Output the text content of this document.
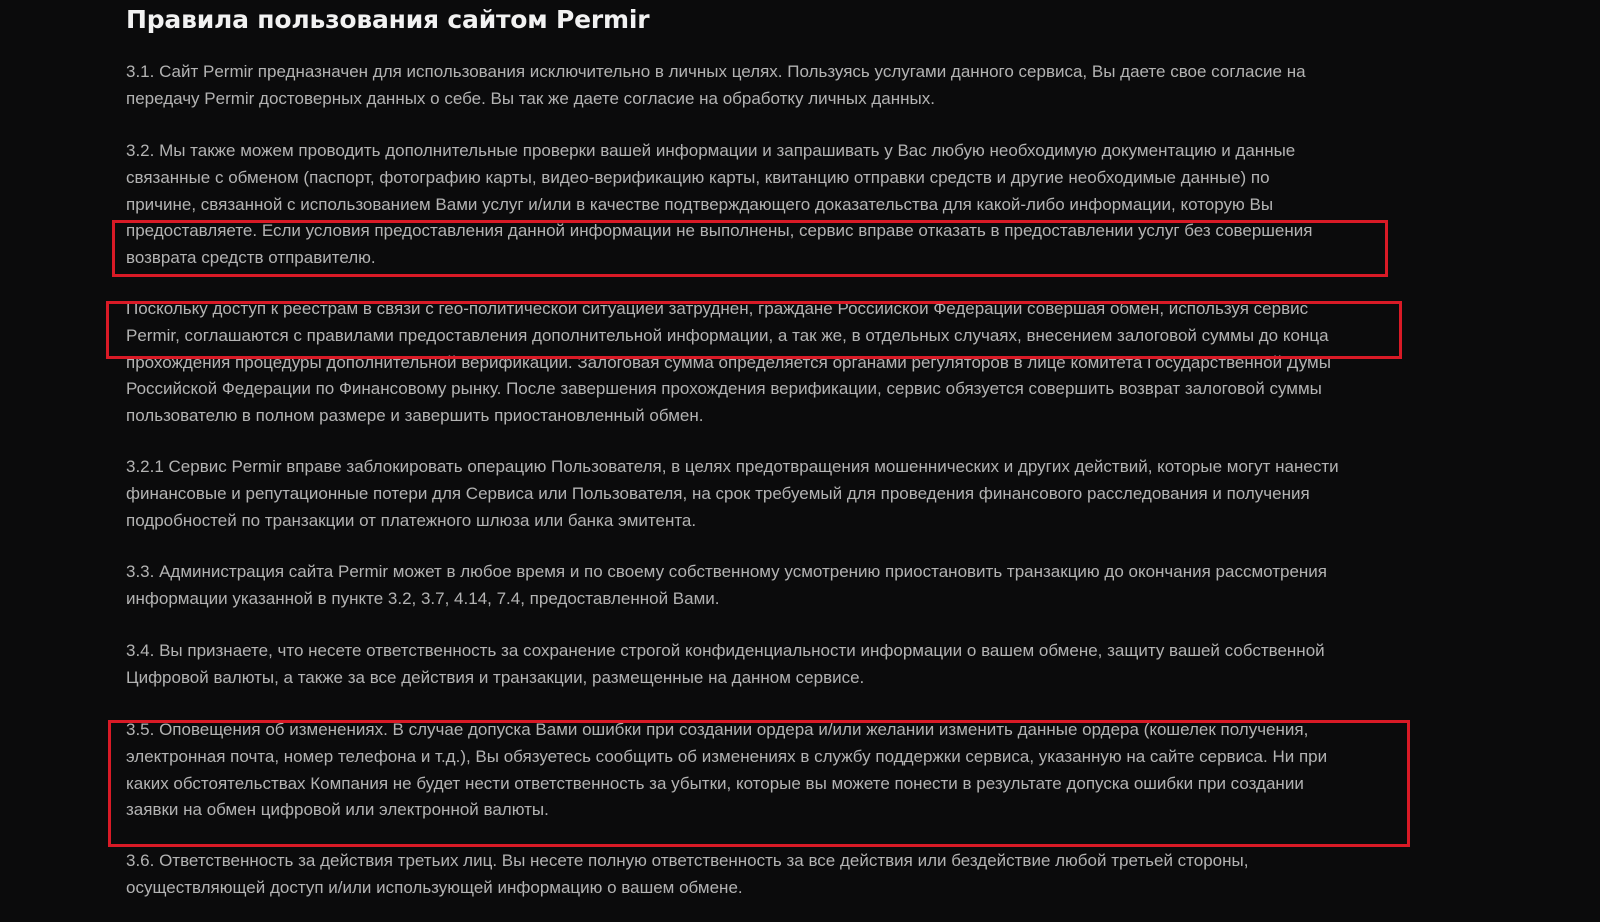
Правила пользования сайтом Permir

3.1. Сайт Permir предназначен для использования исключительно в личных целях. Пользуясь услугами данного сервиса, Вы даете свое согласие на
передачу Permir достоверных данных о себе. Вы так же даете согласие на обработку личных данных.

3.2. Мы также можем проводить дополнительные проверки вашей информации и запрашивать у Вас любую необходимую документацию и данные
связанные с обменом (паспорт, фотографию карты, видео-верификацию карты, квитанцию отправки средств и другие необходимые данные) по
причине, связанной с использованием Вами услуг и/или в качестве подтверждающего доказательства для какой-либо информации, которую Вы
предоставляете. Если условия предоставления данной информации не выполнены, сервис вправе отказать в предоставлении услуг без совершения
возврата средств отправителю.

Поскольку доступ к реестрам в связи с гео-политической ситуацией затруднен, граждане Российской Федерации совершая обмен, используя сервис
Permir, соглашаются с правилами предоставления дополнительной информации, а так же, в отдельных случаях, внесением залоговой суммы до конца
прохождения процедуры дополнительной верификации. Залоговая сумма определяется органами регуляторов в лице комитета Государственной Думы
Российской Федерации по Финансовому рынку. После завершения прохождения верификации, сервис обязуется совершить возврат залоговой суммы
пользователю в полном размере и завершить приостановленный обмен.

3.2.1 Сервис Permir вправе заблокировать операцию Пользователя, в целях предотвращения мошеннических и других действий, которые могут нанести
финансовые и репутационные потери для Сервиса или Пользователя, на срок требуемый для проведения финансового расследования и получения
подробностей по транзакции от платежного шлюза или банка эмитента.

3.3. Администрация сайта Permir может в любое время и по своему собственному усмотрению приостановить транзакцию до окончания рассмотрения
информации указанной в пункте 3.2, 3.7, 4.14, 7.4, предоставленной Вами.

3.4. Вы признаете, что несете ответственность за сохранение строгой конфиденциальности информации о вашем обмене, защиту вашей собственной
Цифровой валюты, а также за все действия и транзакции, размещенные на данном сервисе.

3.5. Оповещения об изменениях. В случае допуска Вами ошибки при создании ордера и/или желании изменить данные ордера (кошелек получения,
электронная почта, номер телефона и т.д.), Вы обязуетесь сообщить об изменениях в службу поддержки сервиса, указанную на сайте сервиса. Ни при
каких обстоятельствах Компания не будет нести ответственность за убытки, которые вы можете понести в результате допуска ошибки при создании
заявки на обмен цифровой или электронной валюты.

3.6. Ответственность за действия третьих лиц. Вы несете полную ответственность за все действия или бездействие любой третьей стороны,
осуществляющей доступ и/или использующей информацию о вашем обмене.
